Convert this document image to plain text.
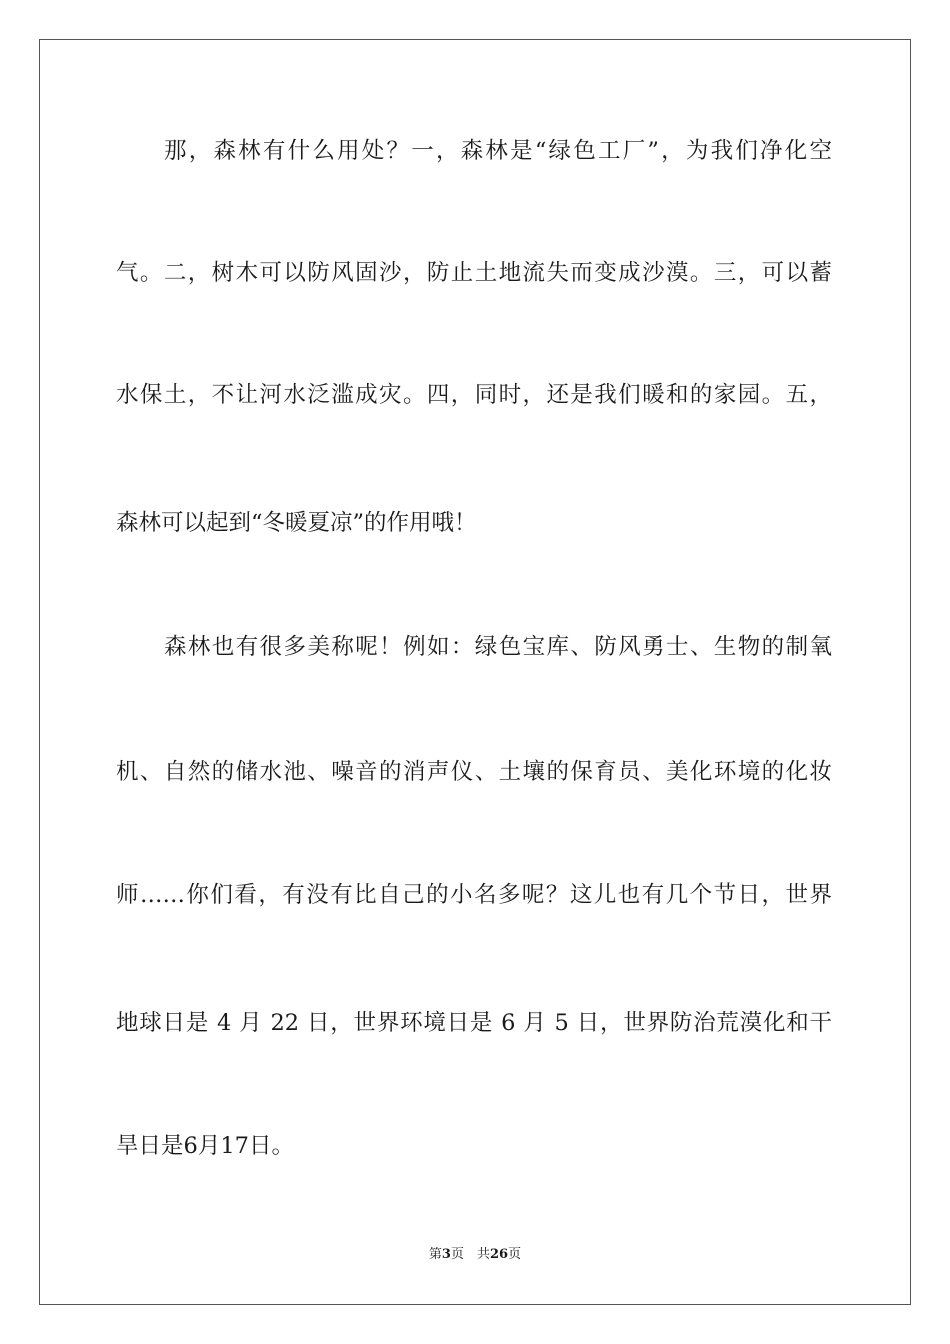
那，森林有什么用处？一，森林是“绿色工厂”，为我们净化空
气。二，树木可以防风固沙，防止土地流失而变成沙漠。三，可以蓄
水保土，不让河水泛滥成灾。四，同时，还是我们暖和的家园。五，
森林可以起到“冬暖夏凉”的作用哦！
森林也有很多美称呢！例如：绿色宝库、防风勇士、生物的制氧
机、自然的储水池、噪音的消声仪、土壤的保育员、美化环境的化妆
师……你们看，有没有比自己的小名多呢？这儿也有几个节日，世界
地球日是 4 月 22 日，世界环境日是 6 月 5 日，世界防治荒漠化和干
旱日是6月17日。
第3页　共26页
